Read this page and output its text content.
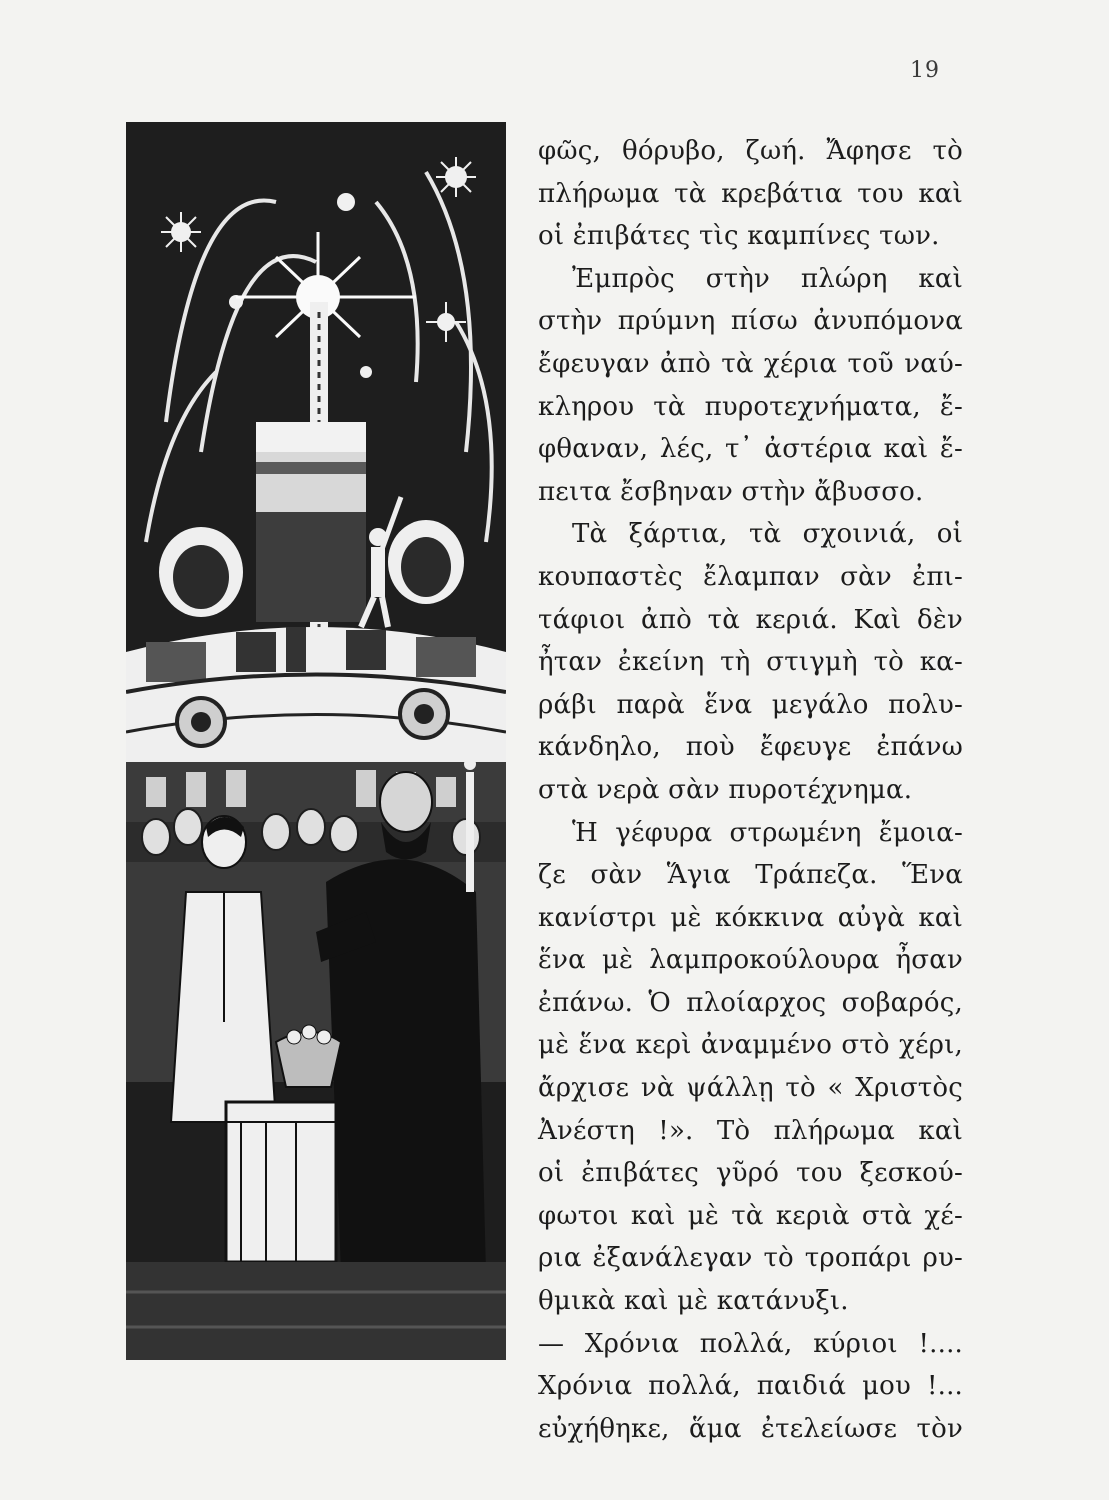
19
φῶς, θόρυβο, ζωή. Ἄφησε τὸ
πλήρωμα τὰ κρεβάτια του καὶ
οἱ ἐπιβάτες τὶς καμπίνες των.
Ἐμπρὸς στὴν πλώρη καὶ
στὴν πρύμνη πίσω ἀνυπόμονα
ἔφευγαν ἀπὸ τὰ χέρια τοῦ ναύ-
κληρου τὰ πυροτεχνήματα, ἔ-
φθαναν, λές, τ᾽ ἀστέρια καὶ ἔ-
πειτα ἔσβηναν στὴν ἄβυσσο.
Τὰ ξάρτια, τὰ σχοινιά, οἱ
κουπαστὲς ἔλαμπαν σὰν ἐπι-
τάφιοι ἀπὸ τὰ κεριά. Καὶ δὲν
ἦταν ἐκείνη τὴ στιγμὴ τὸ κα-
ράβι παρὰ ἕνα μεγάλο πολυ-
κάνδηλο, ποὺ ἔφευγε ἐπάνω
στὰ νερὰ σὰν πυροτέχνημα.
Ἡ γέφυρα στρωμένη ἔμοια-
ζε σὰν Ἅγια Τράπεζα. Ἕνα
κανίστρι μὲ κόκκινα αὐγὰ καὶ
ἕνα μὲ λαμπροκούλουρα ἦσαν
ἐπάνω. Ὁ πλοίαρχος σοβαρός,
μὲ ἕνα κερὶ ἀναμμένο στὸ χέρι,
ἄρχισε νὰ ψάλλῃ τὸ « Χριστὸς
Ἀνέστη !». Τὸ πλήρωμα καὶ
οἱ ἐπιβάτες γῦρό του ξεσκού-
φωτοι καὶ μὲ τὰ κεριὰ στὰ χέ-
ρια ἐξανάλεγαν τὸ τροπάρι ρυ-
θμικὰ καὶ μὲ κατάνυξι.
— Χρόνια πολλά, κύριοι !....
Χρόνια πολλά, παιδιά μου !...
εὐχήθηκε, ἅμα ἐτελείωσε τὸν
